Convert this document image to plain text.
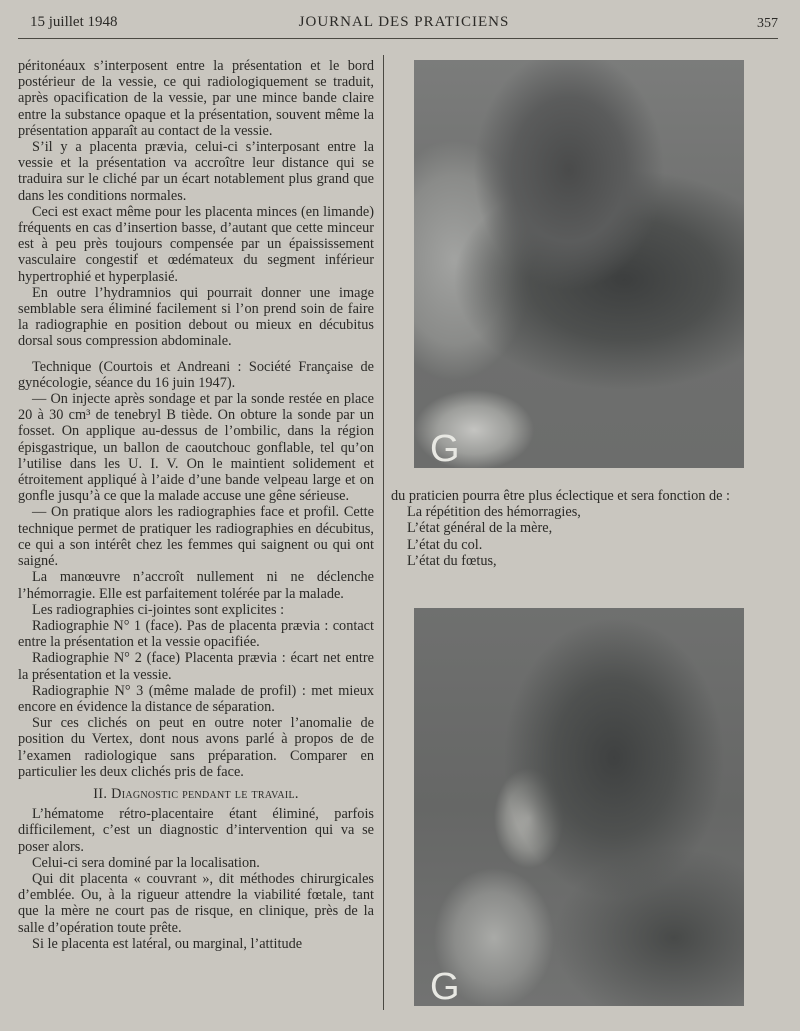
15 juillet 1948	JOURNAL DES PRATICIENS	357

péritonéaux s’interposent entre la présentation et le bord postérieur de la vessie, ce qui radiologiquement se traduit, après opacification de la vessie, par une mince bande claire entre la substance opaque et la présentation, souvent même la présentation apparaît au contact de la vessie.

S’il y a placenta prævia, celui-ci s’interposant entre la vessie et la présentation va accroître leur distance qui se traduira sur le cliché par un écart notablement plus grand que dans les conditions normales.

Ceci est exact même pour les placenta minces (en limande) fréquents en cas d’insertion basse, d’autant que cette minceur est à peu près toujours compensée par un épaississement vasculaire congestif et œdémateux du segment inférieur hypertrophié et hyperplasié.

En outre l’hydramnios qui pourrait donner une image semblable sera éliminé facilement si l’on prend soin de faire la radiographie en position debout ou mieux en décubitus dorsal sous compression abdominale.

Technique (Courtois et Andreani : Société Française de gynécologie, séance du 16 juin 1947).

— On injecte après sondage et par la sonde restée en place 20 à 30 cm³ de tenebryl B tiède. On obture la sonde par un fosset. On applique au-dessus de l’ombilic, dans la région épisgastrique, un ballon de caoutchouc gonflable, tel qu’on l’utilise dans les U. I. V. On le maintient solidement et étroitement appliqué à l’aide d’une bande velpeau large et on gonfle jusqu’à ce que la malade accuse une gêne sérieuse.

— On pratique alors les radiographies face et profil. Cette technique permet de pratiquer les radiographies en décubitus, ce qui a son intérêt chez les femmes qui saignent ou qui ont saigné.

La manœuvre n’accroît nullement ni ne déclenche l’hémorragie. Elle est parfaitement tolérée par la malade.

Les radiographies ci-jointes sont explicites :

Radiographie N° 1 (face). Pas de placenta prævia : contact entre la présentation et la vessie opacifiée.

Radiographie N° 2 (face) Placenta prævia : écart net entre la présentation et la vessie.

Radiographie N° 3 (même malade de profil) : met mieux encore en évidence la distance de séparation.

Sur ces clichés on peut en outre noter l’anomalie de position du Vertex, dont nous avons parlé à propos de de l’examen radiologique sans préparation. Comparer en particulier les deux clichés pris de face.

II. Diagnostic pendant le travail.

L’hématome rétro-placentaire étant éliminé, parfois difficilement, c’est un diagnostic d’intervention qui va se poser alors.

Celui-ci sera dominé par la localisation.

Qui dit placenta « couvrant », dit méthodes chirurgicales d’emblée. Ou, à la rigueur attendre la viabilité fœtale, tant que la mère ne court pas de risque, en clinique, près de la salle d’opération toute prête.

Si le placenta est latéral, ou marginal, l’attitude

G

du praticien pourra être plus éclectique et sera fonction de :

La répétition des hémorragies,
L’état général de la mère,
L’état du col.
L’état du fœtus,
G
